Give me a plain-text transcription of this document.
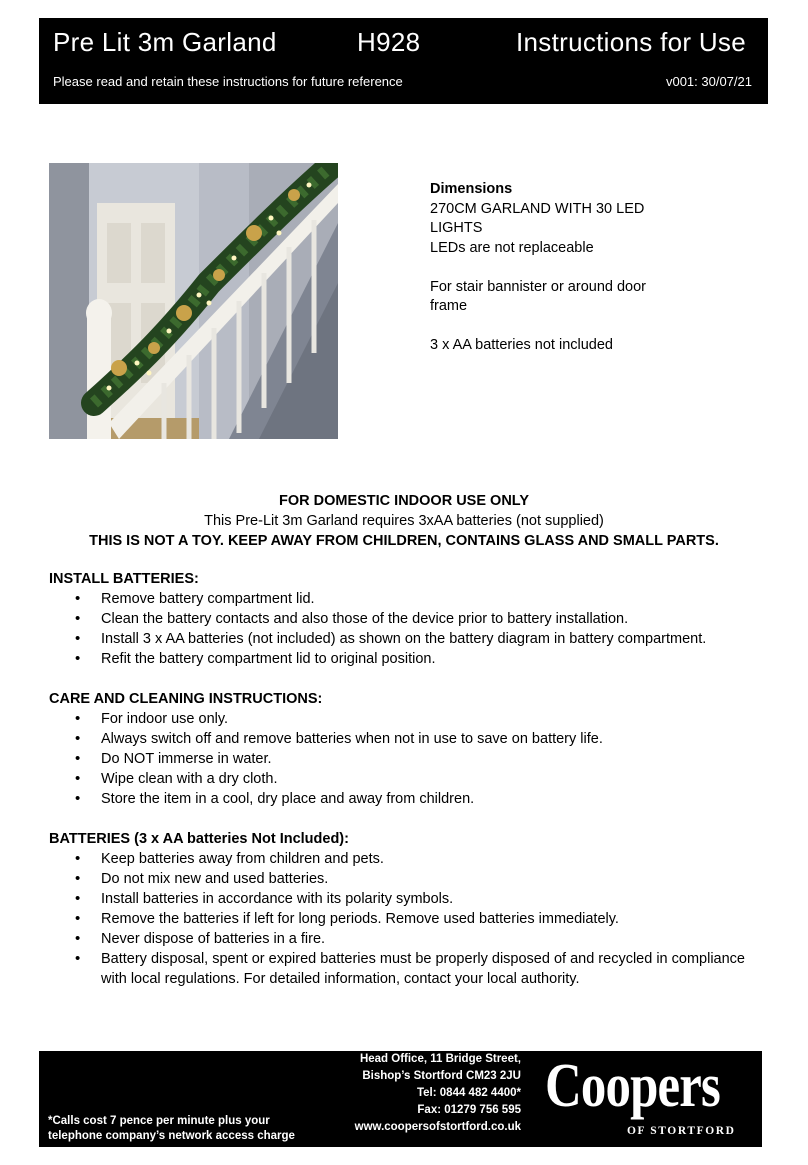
Pre Lit 3m Garland	H928	Instructions for Use
Please read and retain these instructions for future reference	v001: 30/07/21

Dimensions

270CM GARLAND WITH 30 LED

LIGHTS

LEDs are not replaceable

For stair bannister or around door

frame

3 x AA batteries not included

FOR DOMESTIC INDOOR USE ONLY
This Pre-Lit 3m Garland requires 3xAA batteries (not supplied)
THIS IS NOT A TOY. KEEP AWAY FROM CHILDREN, CONTAINS GLASS AND SMALL PARTS.
INSTALL BATTERIES:
• Remove battery compartment lid.
• Clean the battery contacts and also those of the device prior to battery installation.
• Install 3 x AA batteries (not included) as shown on the battery diagram in battery compartment.
• Refit the battery compartment lid to original position.
CARE AND CLEANING INSTRUCTIONS:
• For indoor use only.
• Always switch off and remove batteries when not in use to save on battery life.
• Do NOT immerse in water.
• Wipe clean with a dry cloth.
• Store the item in a cool, dry place and away from children.
BATTERIES (3 x AA batteries Not Included):
• Keep batteries away from children and pets.
• Do not mix new and used batteries.
• Install batteries in accordance with its polarity symbols.
• Remove the batteries if left for long periods. Remove used batteries immediately.
• Never dispose of batteries in a fire.
• Battery disposal, spent or expired batteries must be properly disposed of and recycled in compliance with local regulations. For detailed information, contact your local authority.
Head Office, 11 Bridge Street,
Bishop’s Stortford CM23 2JU
Tel: 0844 482 4400*
Fax: 01279 756 595
www.coopersofstortford.co.uk
*Calls cost 7 pence per minute plus your
telephone company’s network access charge
Coopers
OF STORTFORD
